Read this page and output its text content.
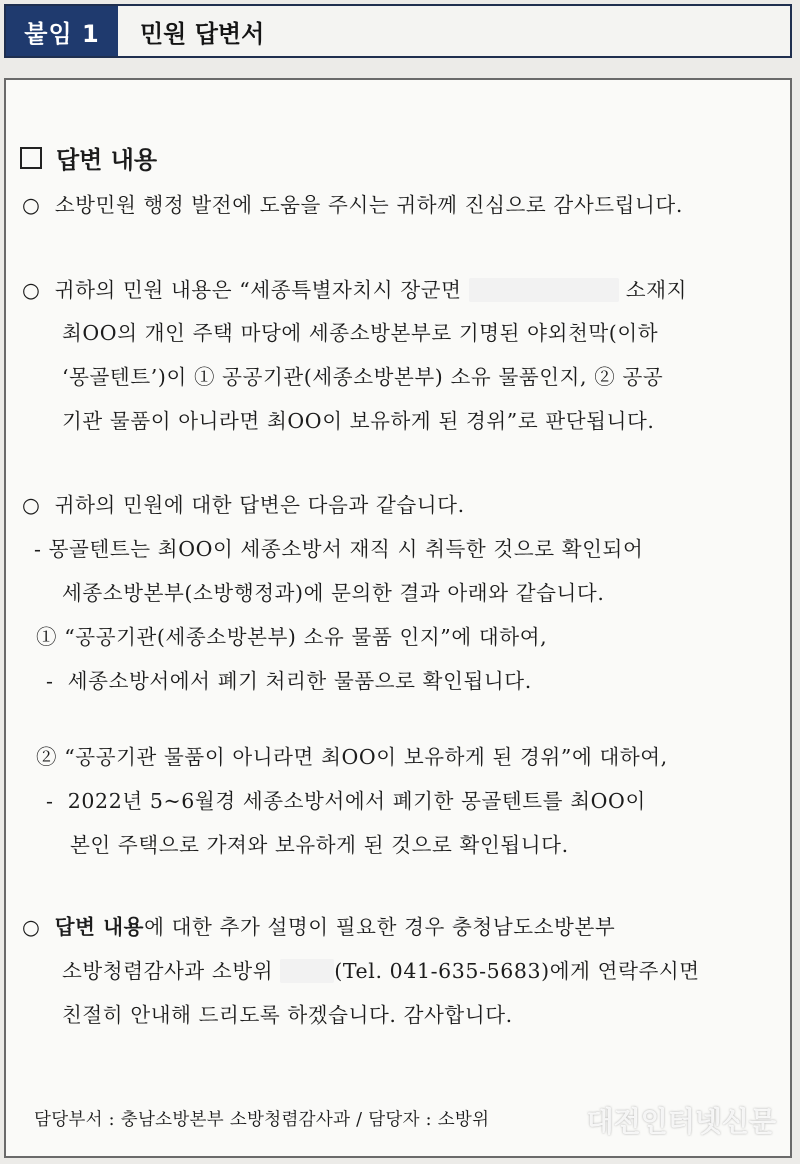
붙임 1	민원 답변서
답변 내용
○ 소방민원 행정 발전에 도움을 주시는 귀하께 진심으로 감사드립니다.
○ 귀하의 민원 내용은 “세종특별자치시 장군면	소재지
최OO의 개인 주택 마당에 세종소방본부로 기명된 야외천막(이하
‘몽골텐트’)이 ① 공공기관(세종소방본부) 소유 물품인지, ② 공공
기관 물품이 아니라면 최OO이 보유하게 된 경위”로 판단됩니다.
○ 귀하의 민원에 대한 답변은 다음과 같습니다.
- 몽골텐트는 최OO이 세종소방서 재직 시 취득한 것으로 확인되어
세종소방본부(소방행정과)에 문의한 결과 아래와 같습니다.
① “공공기관(세종소방본부) 소유 물품 인지”에 대하여,
- 세종소방서에서 폐기 처리한 물품으로 확인됩니다.
② “공공기관 물품이 아니라면 최OO이 보유하게 된 경위”에 대하여,
- 2022년 5~6월경 세종소방서에서 폐기한 몽골텐트를 최OO이
본인 주택으로 가져와 보유하게 된 것으로 확인됩니다.
○ 답변 내용에 대한 추가 설명이 필요한 경우 충청남도소방본부
소방청렴감사과 소방위	(Tel. 041-635-5683)에게 연락주시면
친절히 안내해 드리도록 하겠습니다. 감사합니다.
담당부서 : 충남소방본부 소방청렴감사과 / 담당자 : 소방위	대전인터넷신문
